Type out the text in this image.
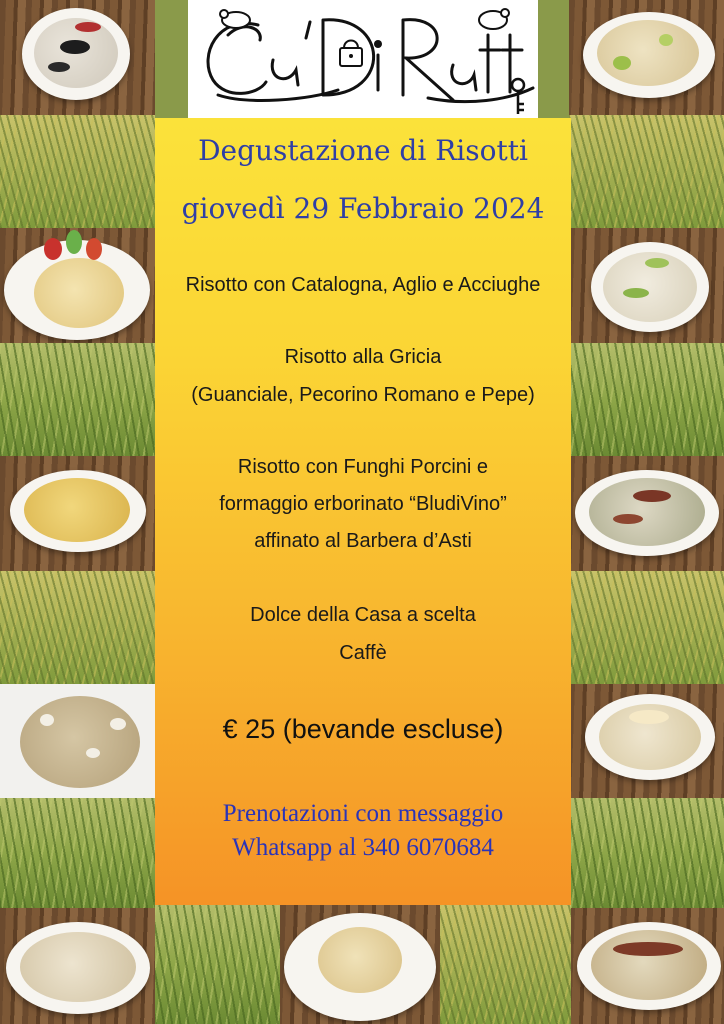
Degustazione di Risotti
giovedì 29 Febbraio 2024
Risotto con Catalogna, Aglio e Acciughe
Risotto alla Gricia
(Guanciale, Pecorino Romano e Pepe)
Risotto con Funghi Porcini e
formaggio erborinato “BludiVino”
affinato al Barbera d’Asti
Dolce della Casa a scelta
Caffè
€ 25 (bevande escluse)
Prenotazioni con messaggio
Whatsapp al 340 6070684
